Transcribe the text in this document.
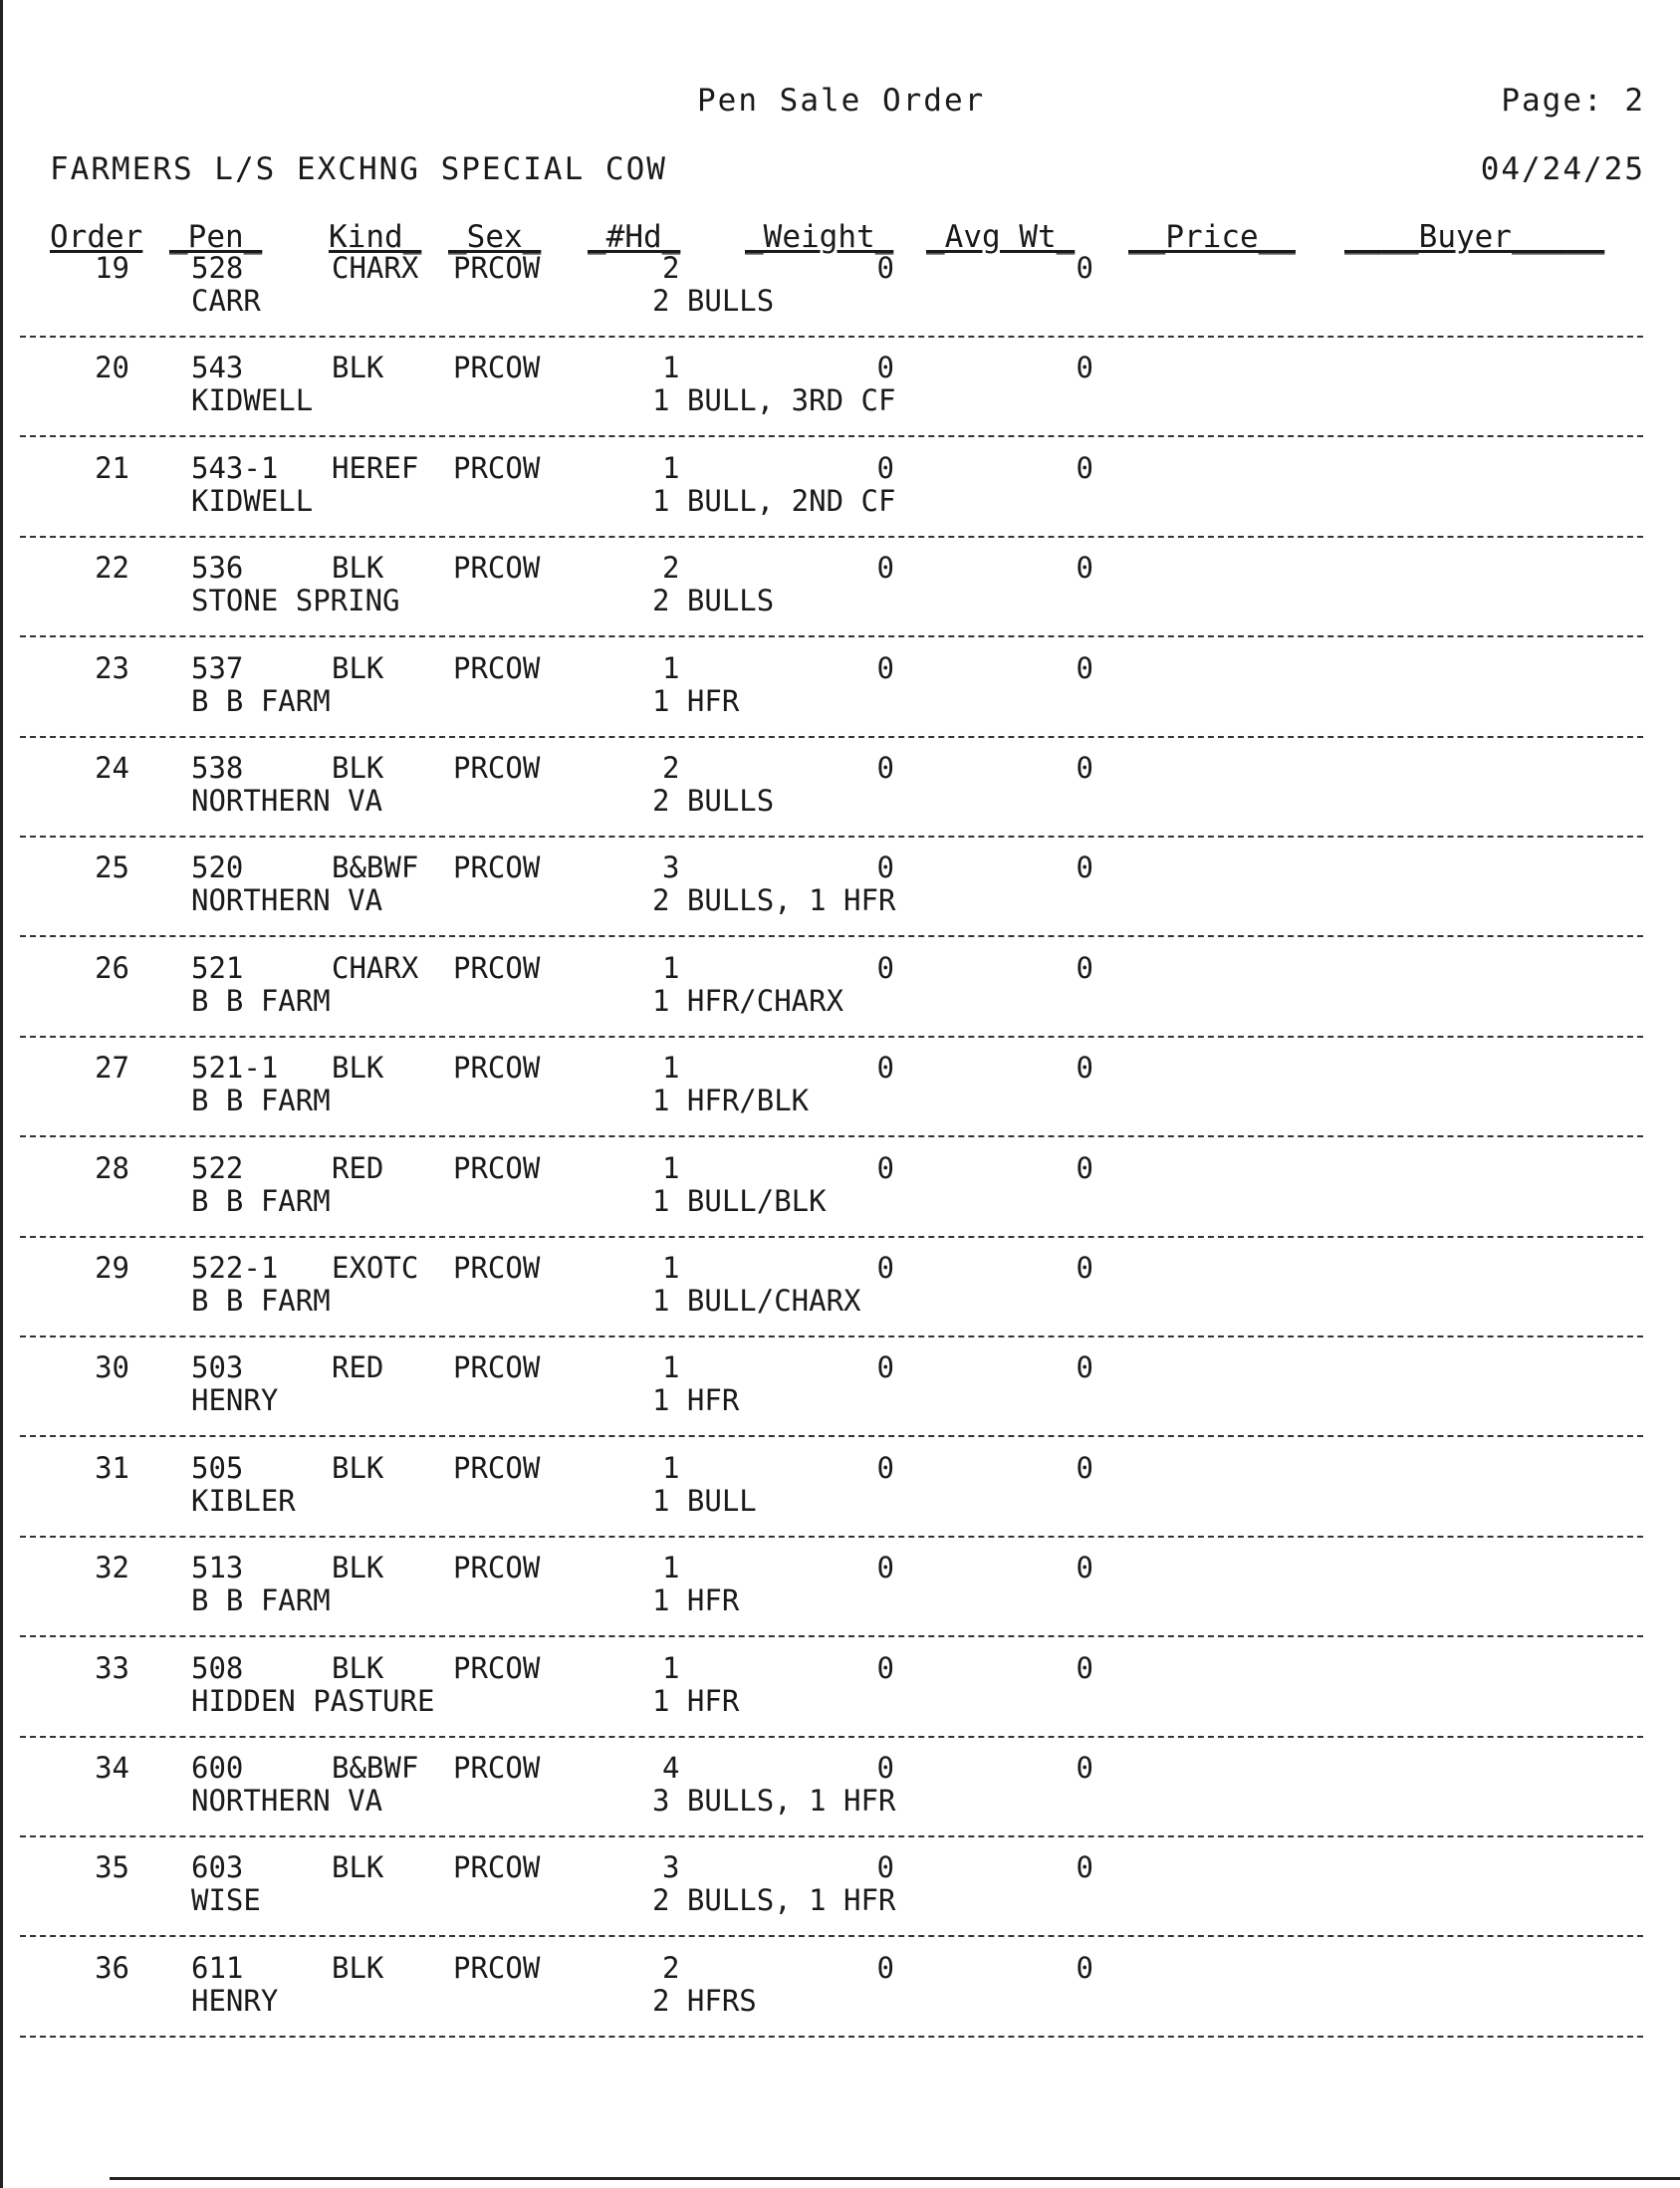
Pen Sale Order	Page: 2
FARMERS L/S EXCHNG SPECIAL COW	04/24/25
Order _Pen_ Kind_ _Sex_ _#Hd_ _Weight_ _Avg Wt_ __Price__ ____Buyer_____
19 528	CHARX PRCOW	2	0	0
CARR	2 BULLS
20 543	BLK PRCOW	1	0	0
KIDWELL	1 BULL, 3RD CF
21 543-1 HEREF PRCOW	1	0	0
KIDWELL	1 BULL, 2ND CF
22 536	BLK PRCOW	2	0	0
STONE SPRING	2 BULLS
23 537	BLK PRCOW	1	0	0
B B FARM	1 HFR
24 538	BLK PRCOW	2	0	0
NORTHERN VA	2 BULLS
25 520	B&BWF PRCOW	3	0	0
NORTHERN VA	2 BULLS, 1 HFR
26 521	CHARX PRCOW	1	0	0
B B FARM	1 HFR/CHARX
27 521-1 BLK PRCOW	1	0	0
B B FARM	1 HFR/BLK
28 522	RED PRCOW	1	0	0
B B FARM	1 BULL/BLK
29 522-1 EXOTC PRCOW	1	0	0
B B FARM	1 BULL/CHARX
30 503	RED PRCOW	1	0	0
HENRY	1 HFR
31 505	BLK PRCOW	1	0	0
KIBLER	1 BULL
32 513	BLK PRCOW	1	0	0
B B FARM	1 HFR
33 508	BLK PRCOW	1	0	0
HIDDEN PASTURE	1 HFR
34 600	B&BWF PRCOW	4	0	0
NORTHERN VA	3 BULLS, 1 HFR
35 603	BLK PRCOW	3	0	0
WISE	2 BULLS, 1 HFR
36 611	BLK PRCOW	2	0	0
HENRY	2 HFRS
